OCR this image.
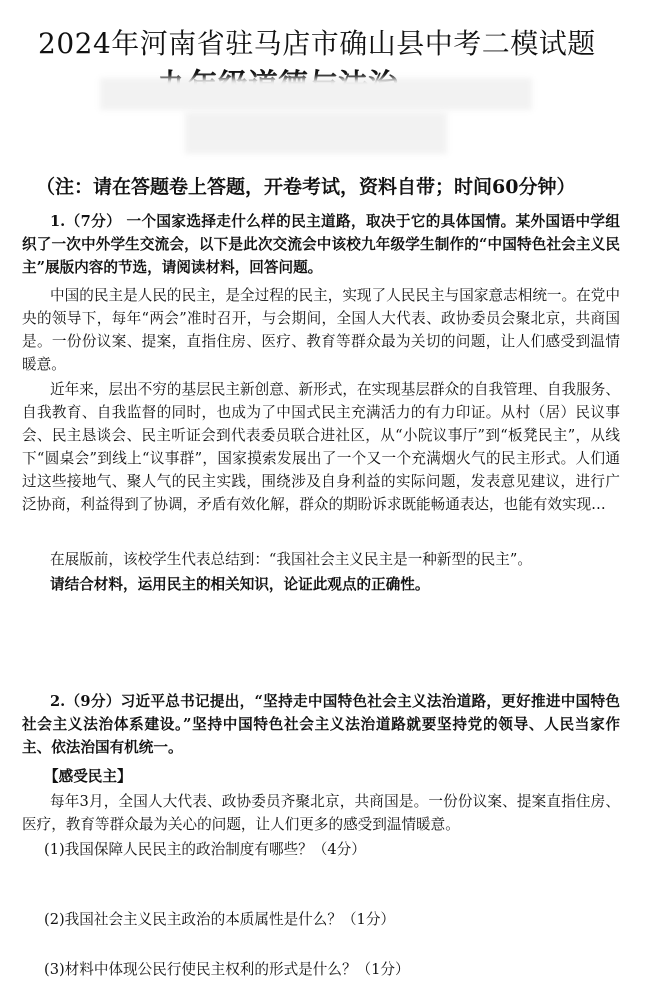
2024年河南省驻马店市确山县中考二模试题
（注：请在答题卷上答题，开卷考试，资料自带；时间60分钟）
1.（7分） 一个国家选择走什么样的民主道路，取决于它的具体国情。某外国语中学组织了一次中外学生交流会，以下是此次交流会中该校九年级学生制作的“中国特色社会主义民主”展版内容的节选，请阅读材料，回答问题。
中国的民主是人民的民主，是全过程的民主，实现了人民民主与国家意志相统一。在党中央的领导下，每年“两会”准时召开，与会期间，全国人大代表、政协委员会聚北京，共商国是。一份份议案、提案，直指住房、医疗、教育等群众最为关切的问题，让人们感受到温情暖意。
近年来，层出不穷的基层民主新创意、新形式，在实现基层群众的自我管理、自我服务、自我教育、自我监督的同时，也成为了中国式民主充满活力的有力印证。从村（居）民议事会、民主恳谈会、民主听证会到代表委员联合进社区，从“小院议事厅”到“板凳民主”，从线下“圆桌会”到线上“议事群”，国家摸索发展出了一个又一个充满烟火气的民主形式。人们通过这些接地气、聚人气的民主实践，围绕涉及自身利益的实际问题，发表意见建议，进行广泛协商，利益得到了协调，矛盾有效化解，群众的期盼诉求既能畅通表达，也能有效实现…
在展版前，该校学生代表总结到：“我国社会主义民主是一种新型的民主”。
请结合材料，运用民主的相关知识，论证此观点的正确性。
2.（9分）习近平总书记提出，“坚持走中国特色社会主义法治道路，更好推进中国特色社会主义法治体系建设。”坚持中国特色社会主义法治道路就要坚持党的领导、人民当家作主、依法治国有机统一。
【感受民主】
每年3月，全国人大代表、政协委员齐聚北京，共商国是。一份份议案、提案直指住房、医疗，教育等群众最为关心的问题，让人们更多的感受到温情暖意。
(1)我国保障人民民主的政治制度有哪些？（4分）
(2)我国社会主义民主政治的本质属性是什么？（1分）
(3)材料中体现公民行使民主权利的形式是什么？（1分）
